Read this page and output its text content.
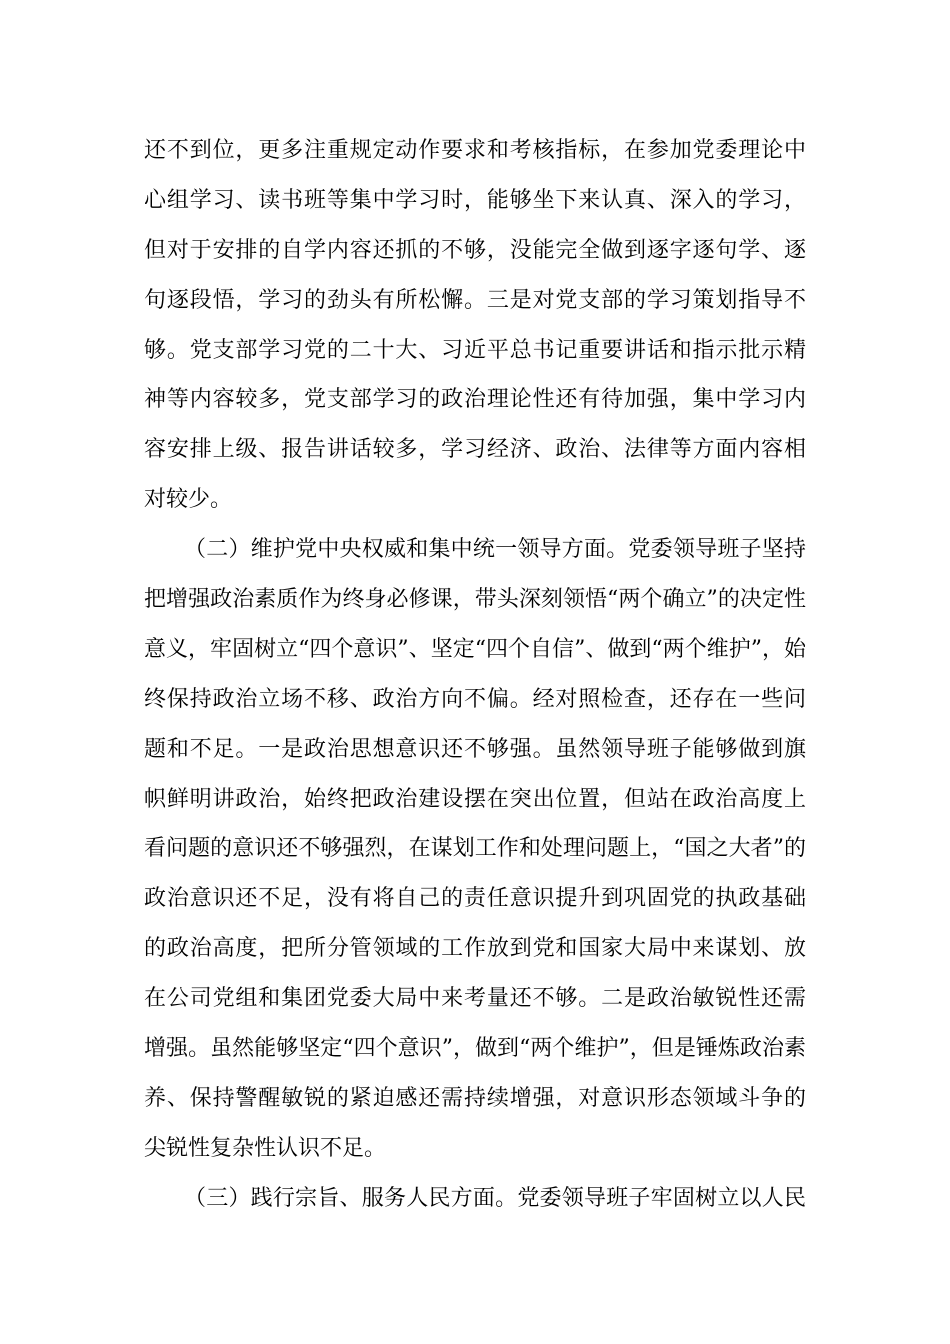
还不到位，更多注重规定动作要求和考核指标，在参加党委理论中
心组学习、读书班等集中学习时，能够坐下来认真、深入的学习，
但对于安排的自学内容还抓的不够，没能完全做到逐字逐句学、逐
句逐段悟，学习的劲头有所松懈。三是对党支部的学习策划指导不
够。党支部学习党的二十大、习近平总书记重要讲话和指示批示精
神等内容较多，党支部学习的政治理论性还有待加强，集中学习内
容安排上级、报告讲话较多，学习经济、政治、法律等方面内容相
对较少。
（二）维护党中央权威和集中统一领导方面。党委领导班子坚持
把增强政治素质作为终身必修课，带头深刻领悟“两个确立”的决定性
意义，牢固树立“四个意识”、坚定“四个自信”、做到“两个维护”，始
终保持政治立场不移、政治方向不偏。经对照检查，还存在一些问
题和不足。一是政治思想意识还不够强。虽然领导班子能够做到旗
帜鲜明讲政治，始终把政治建设摆在突出位置，但站在政治高度上
看问题的意识还不够强烈，在谋划工作和处理问题上，“国之大者”的
政治意识还不足，没有将自己的责任意识提升到巩固党的执政基础
的政治高度，把所分管领域的工作放到党和国家大局中来谋划、放
在公司党组和集团党委大局中来考量还不够。二是政治敏锐性还需
增强。虽然能够坚定“四个意识”，做到“两个维护”，但是锤炼政治素
养、保持警醒敏锐的紧迫感还需持续增强，对意识形态领域斗争的
尖锐性复杂性认识不足。
（三）践行宗旨、服务人民方面。党委领导班子牢固树立以人民
